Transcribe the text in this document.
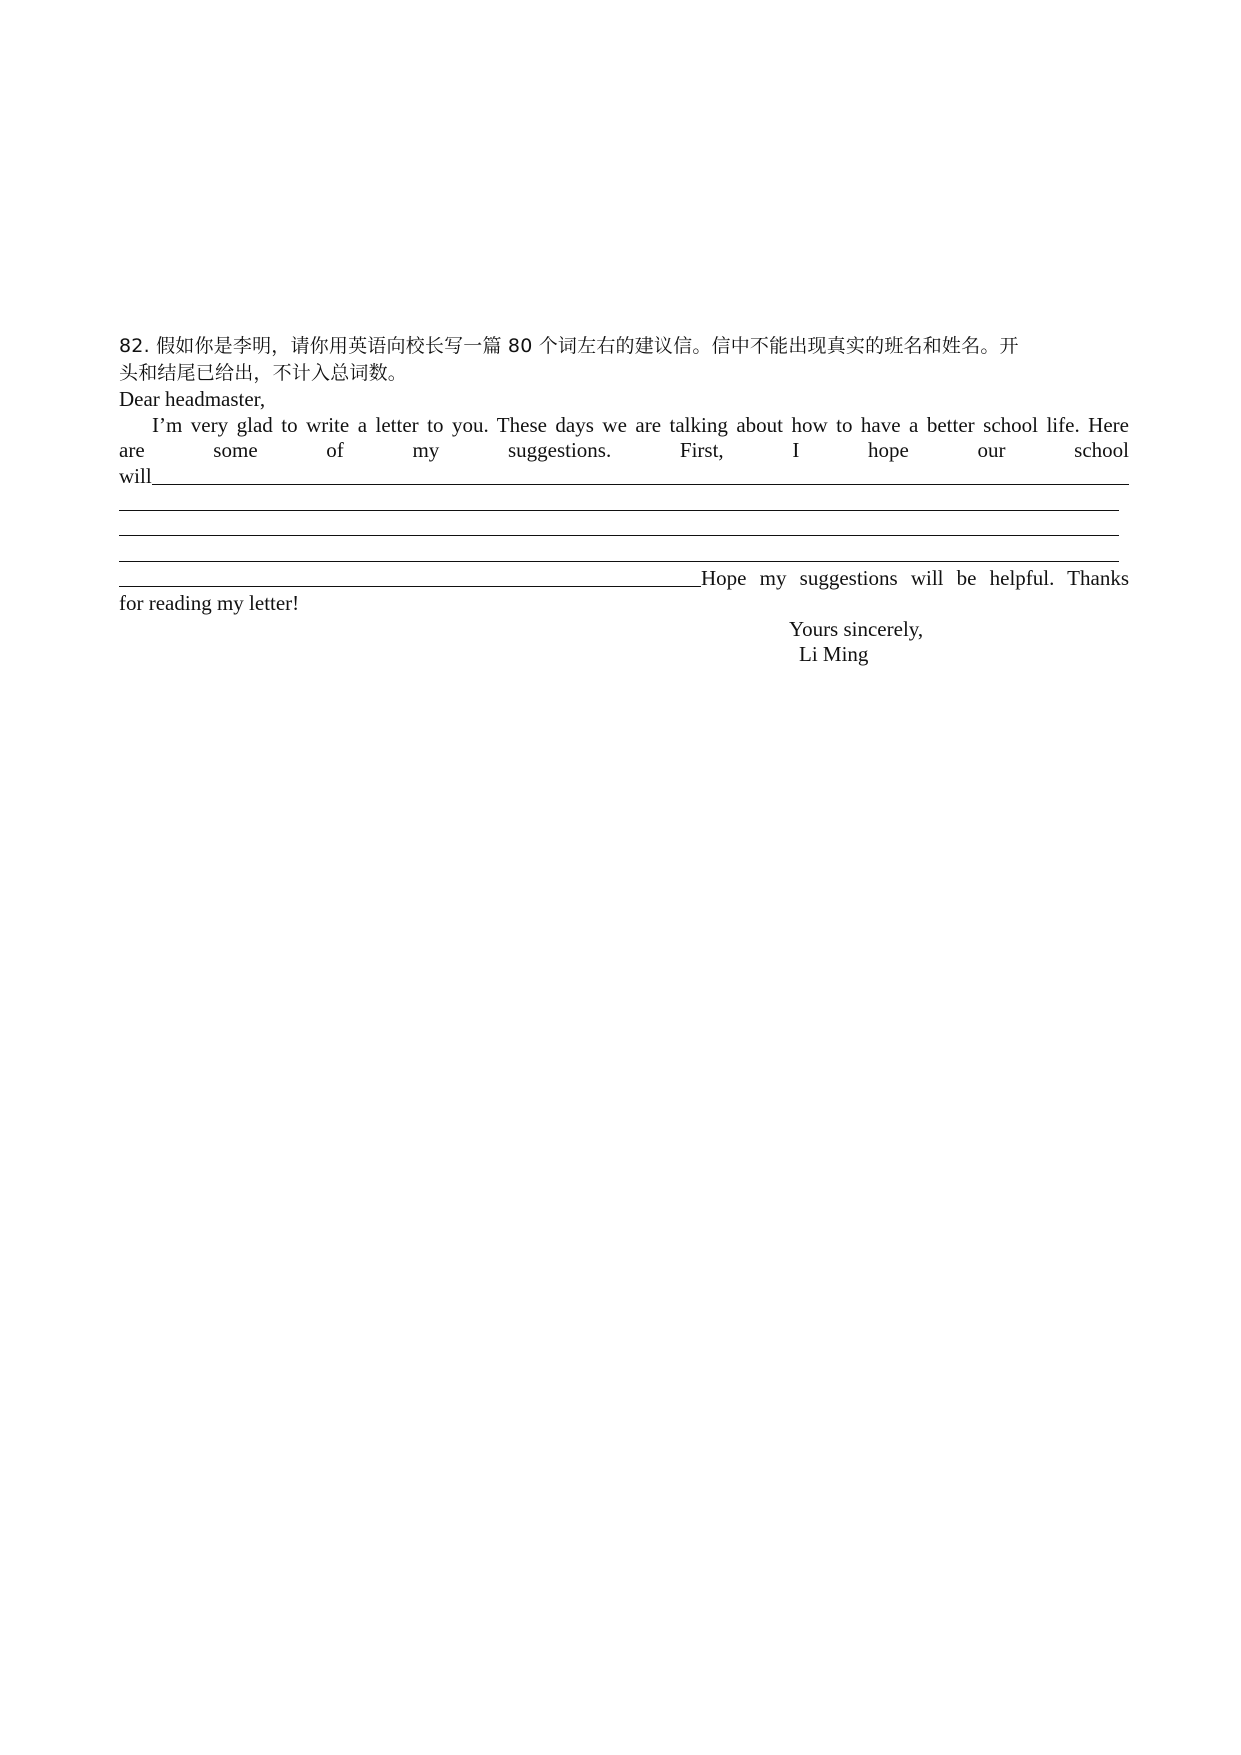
82. 假如你是李明，请你用英语向校长写一篇 80 个词左右的建议信。信中不能出现真实的班名和姓名。开
头和结尾已给出，不计入总词数。

Dear headmaster,

I’m very glad to write a letter to you. These days we are talking about how to have a better school life. Here

are some of my suggestions. First, I hope our school

will
Hope my suggestions will be helpful. Thanks

for reading my letter!

Yours sincerely,

Li Ming
